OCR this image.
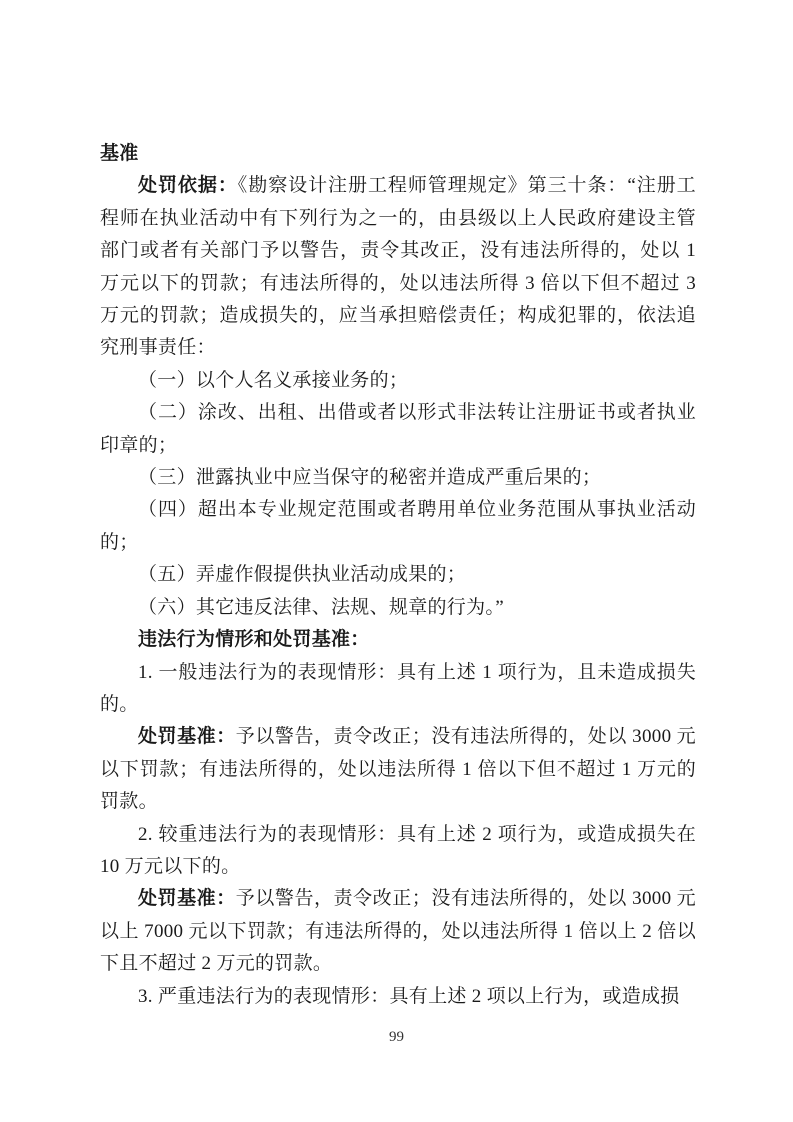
基准

处罚依据：《勘察设计注册工程师管理规定》第三十条：“注册工程师在执业活动中有下列行为之一的，由县级以上人民政府建设主管部门或者有关部门予以警告，责令其改正，没有违法所得的，处以 1 万元以下的罚款；有违法所得的，处以违法所得 3 倍以下但不超过 3 万元的罚款；造成损失的，应当承担赔偿责任；构成犯罪的，依法追究刑事责任：

（一）以个人名义承接业务的；

（二）涂改、出租、出借或者以形式非法转让注册证书或者执业印章的；

（三）泄露执业中应当保守的秘密并造成严重后果的；

（四）超出本专业规定范围或者聘用单位业务范围从事执业活动的；

（五）弄虚作假提供执业活动成果的；

（六）其它违反法律、法规、规章的行为。”

违法行为情形和处罚基准：

1. 一般违法行为的表现情形：具有上述 1 项行为，且未造成损失的。

处罚基准：予以警告，责令改正；没有违法所得的，处以 3000 元以下罚款；有违法所得的，处以违法所得 1 倍以下但不超过 1 万元的罚款。

2. 较重违法行为的表现情形：具有上述 2 项行为，或造成损失在 10 万元以下的。

处罚基准：予以警告，责令改正；没有违法所得的，处以 3000 元以上 7000 元以下罚款；有违法所得的，处以违法所得 1 倍以上 2 倍以下且不超过 2 万元的罚款。

3. 严重违法行为的表现情形：具有上述 2 项以上行为，或造成损

99
